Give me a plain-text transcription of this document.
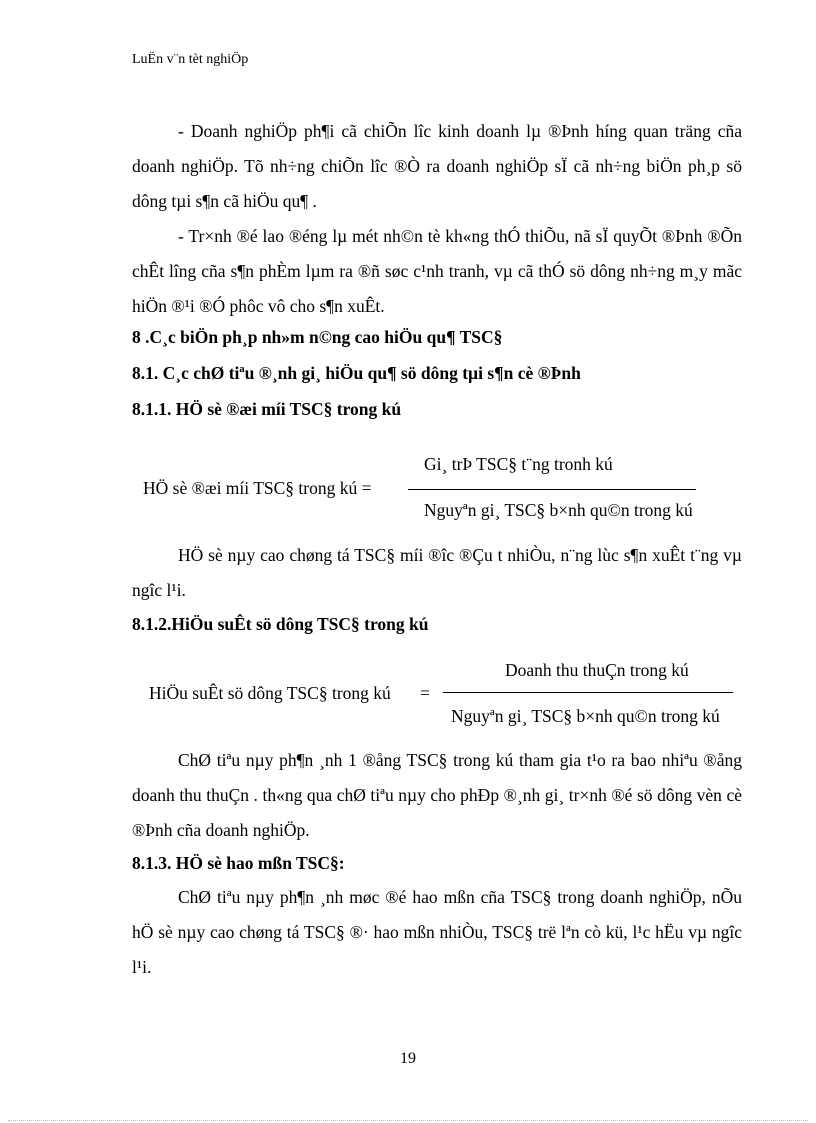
LuËn v¨n tèt nghiÖp

- Doanh nghiÖp ph¶i cã chiÕn lîc kinh doanh lµ ®Þnh híng quan träng cña doanh nghiÖp. Tõ nh÷ng chiÕn lîc ®Ò ra doanh nghiÖp sÏ cã nh÷ng biÖn ph¸p sö dông tµi s¶n cã hiÖu qu¶ .

- Tr×nh ®é lao ®éng lµ mét nh©n tè kh«ng thÓ thiÕu, nã sÏ quyÕt ®Þnh ®Õn chÊt lîng cña s¶n phÈm lµm ra ®ñ søc c¹nh tranh, vµ cã thÓ sö dông nh÷ng m¸y mãc hiÖn ®¹i ®Ó phôc vô cho s¶n xuÊt.

8 .C¸c biÖn ph¸p nh»m n©ng cao hiÖu qu¶ TSC§
8.1. C¸c chØ tiªu ®¸nh gi¸ hiÖu qu¶ sö dông tµi s¶n cè ®Þnh
8.1.1. HÖ sè ®æi míi TSC§ trong kú
HÖ sè ®æi míi TSC§ trong kú =
Gi¸ trÞ TSC§ t¨ng tronh kú
Nguyªn gi¸ TSC§ b×nh qu©n trong kú

HÖ sè nµy cao chøng tá TSC§ míi ®îc ®Çu t nhiÒu, n¨ng lùc s¶n xuÊt t¨ng vµ ngîc l¹i.

8.1.2.HiÖu suÊt sö dông TSC§ trong kú
HiÖu suÊt sö dông TSC§ trong kú =
Doanh thu thuÇn trong kú
Nguyªn gi¸ TSC§ b×nh qu©n trong kú

ChØ tiªu nµy ph¶n ¸nh 1 ®ång TSC§ trong kú tham gia t¹o ra bao nhiªu ®ång doanh thu thuÇn . th«ng qua chØ tiªu nµy cho phÐp ®¸nh gi¸ tr×nh ®é sö dông vèn cè ®Þnh cña doanh nghiÖp.

8.1.3. HÖ sè hao mßn TSC§:

ChØ tiªu nµy ph¶n ¸nh møc ®é hao mßn cña TSC§ trong doanh nghiÖp, nÕu hÖ sè nµy cao chøng tá TSC§ ®· hao mßn nhiÒu, TSC§ trë lªn cò kü, l¹c hËu vµ ngîc l¹i.

19
